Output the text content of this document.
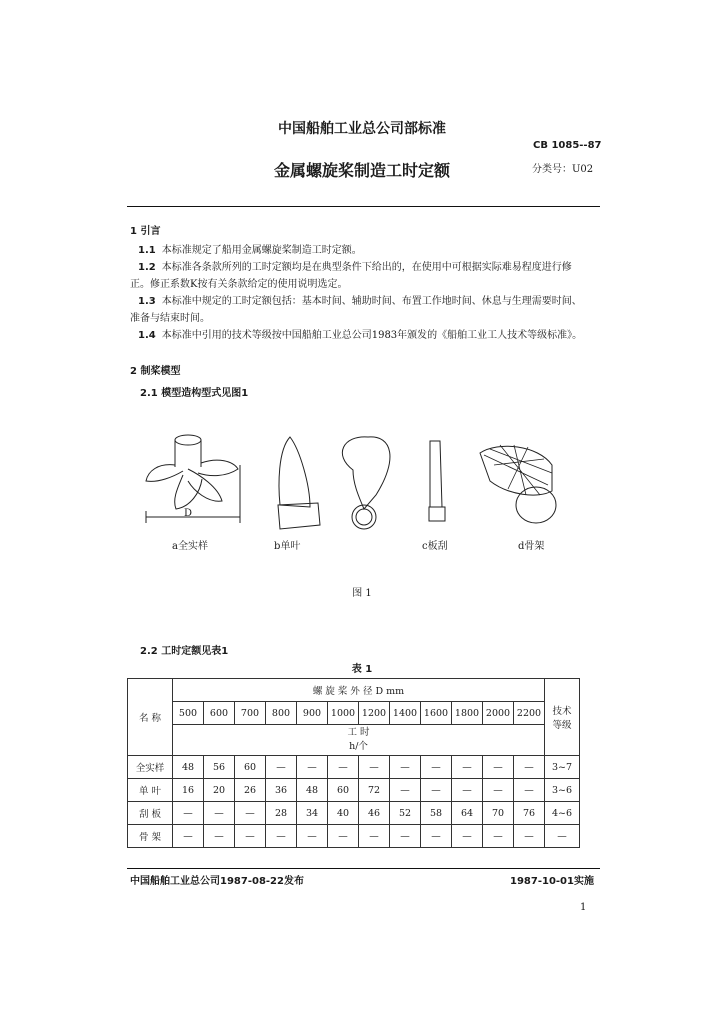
中国船舶工业总公司部标准
CB 1085--87
金属螺旋桨制造工时定额	分类号：U02
1 引言
1.1 本标准规定了船用金属螺旋桨制造工时定额。
1.2 本标准各条款所列的工时定额均是在典型条件下给出的，在使用中可根据实际难易程度进行修
正。修正系数K按有关条款给定的使用说明选定。
1.3 本标准中规定的工时定额包括：基本时间、辅助时间、布置工作地时间、休息与生理需要时间、
准备与结束时间。
1.4 本标准中引用的技术等级按中国船舶工业总公司1983年颁发的《船舶工业工人技术等级标准》。
2 制桨模型
2.1 模型造构型式见图1
a全实样	b单叶	c板刮	d骨架
D
图 1
2.2 工时定额见表1
表 1
名 称	螺 旋 桨 外 径 D mm												技术等级
	500	600	700	800	900	1000	1200	1400	1600	1800	2000	2200	

	工 时
h/个												

全实样	48	56	60	—	—	—	—	—	—	—	—	—	3~7
单 叶	16	20	26	36	48	60	72	—	—	—	—	—	3~6
刮 板	—	—	—	28	34	40	46	52	58	64	70	76	4~6
骨 架	—	—	—	—	—	—	—	—	—	—	—	—	—
中国船舶工业总公司1987-08-22发布	1987-10-01实施
1
